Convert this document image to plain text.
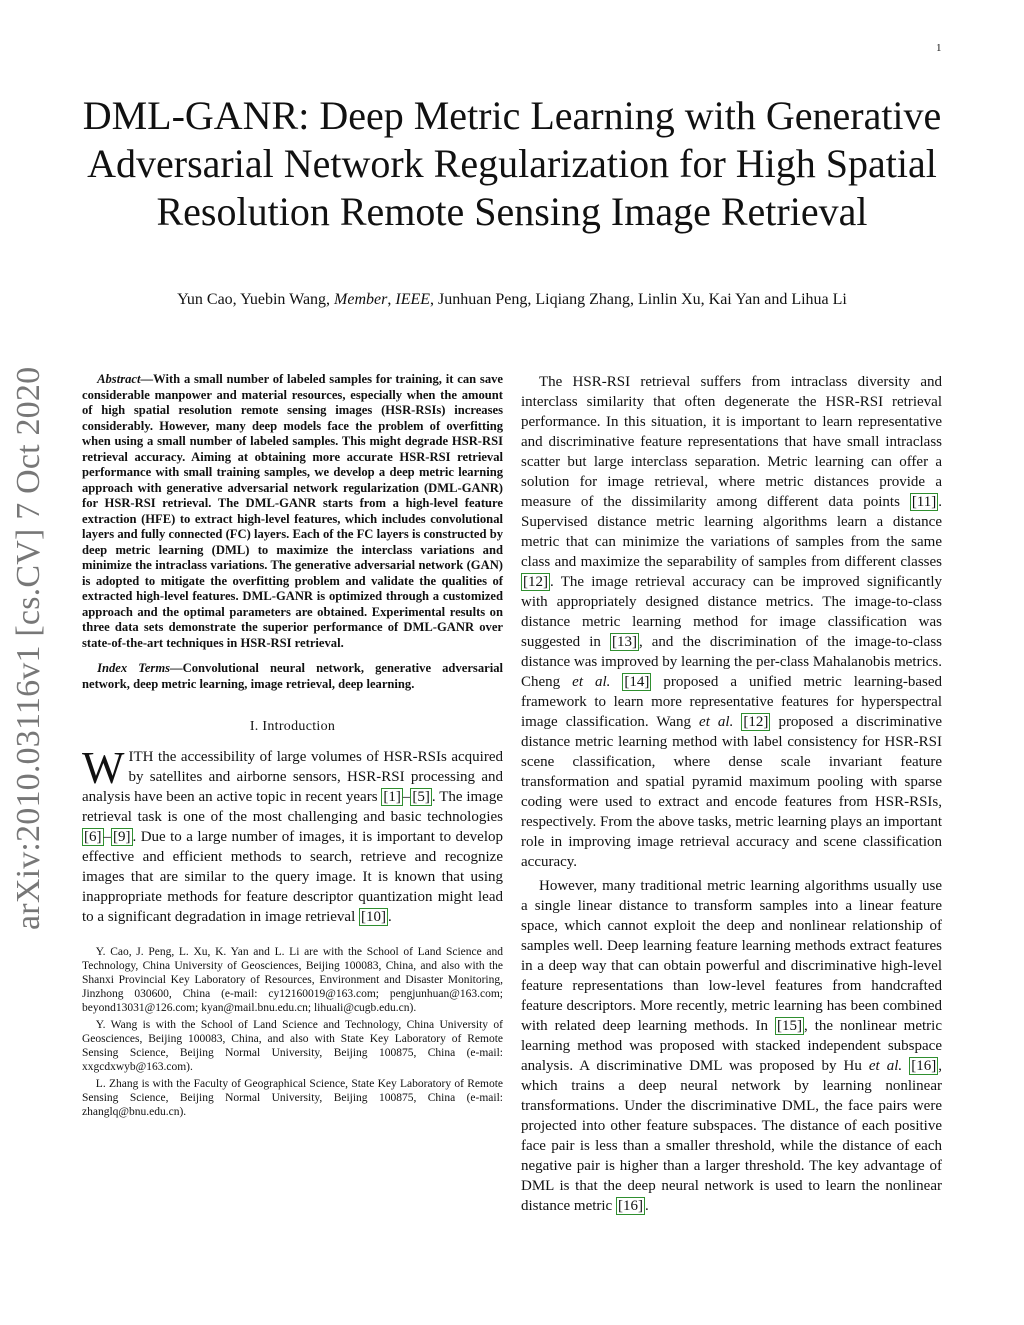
1
DML-GANR: Deep Metric Learning with Generative Adversarial Network Regularization for High Spatial Resolution Remote Sensing Image Retrieval
Yun Cao, Yuebin Wang, Member, IEEE, Junhuan Peng, Liqiang Zhang, Linlin Xu, Kai Yan and Lihua Li
arXiv:2010.03116v1 [cs.CV] 7 Oct 2020	Abstract—With a small number of labeled samples for training, it can save considerable manpower and material resources, especially when the amount of high spatial resolution remote sensing images (HSR-RSIs) increases considerably. However, many deep models face the problem of overfitting when using a small number of labeled samples. This might degrade HSR-RSI retrieval accuracy. Aiming at obtaining more accurate HSR-RSI retrieval performance with small training samples, we develop a deep metric learning approach with generative adversarial network regularization (DML-GANR) for HSR-RSI retrieval. The DML-GANR starts from a high-level feature extraction (HFE) to extract high-level features, which includes convolutional layers and fully connected (FC) layers. Each of the FC layers is constructed by deep metric learning (DML) to maximize the interclass variations and minimize the intraclass variations. The generative adversarial network (GAN) is adopted to mitigate the overfitting problem and validate the qualities of extracted high-level features. DML-GANR is optimized through a customized approach and the optimal parameters are obtained. Experimental results on three data sets demonstrate the superior performance of DML-GANR over state-of-the-art techniques in HSR-RSI retrieval.

Index Terms—Convolutional neural network, generative adversarial network, deep metric learning, image retrieval, deep learning.

I. Introduction

WITH the accessibility of large volumes of HSR-RSIs acquired by satellites and airborne sensors, HSR-RSI processing and analysis have been an active topic in recent years [1] – [5] . The image retrieval task is one of the most challenging and basic technologies [6] – [9] . Due to a large number of images, it is important to develop effective and efficient methods to search, retrieve and recognize images that are similar to the query image. It is known that using inappropriate methods for feature descriptor quantization might lead to a significant degradation in image retrieval [10] .

Y. Cao, J. Peng, L. Xu, K. Yan and L. Li are with the School of Land Science and Technology, China University of Geosciences, Beijing 100083, China, and also with the Shanxi Provincial Key Laboratory of Resources, Environment and Disaster Monitoring, Jinzhong 030600, China (e-mail: cy12160019@163.com; pengjunhuan@163.com; beyond13031@126.com; kyan@mail.bnu.edu.cn; lihuali@cugb.edu.cn).

Y. Wang is with the School of Land Science and Technology, China University of Geosciences, Beijing 100083, China, and also with State Key Laboratory of Remote Sensing Science, Beijing Normal University, Beijing 100875, China (e-mail: xxgcdxwyb@163.com).

L. Zhang is with the Faculty of Geographical Science, State Key Laboratory of Remote Sensing Science, Beijing Normal University, Beijing 100875, China (e-mail: zhanglq@bnu.edu.cn).

The HSR-RSI retrieval suffers from intraclass diversity and interclass similarity that often degenerate the HSR-RSI retrieval performance. In this situation, it is important to learn representative and discriminative feature representations that have small intraclass scatter but large interclass separation. Metric learning can offer a solution for image retrieval, where metric distances provide a measure of the dissimilarity among different data points [11] . Supervised distance metric learning algorithms learn a distance metric that can minimize the variations of samples from the same class and maximize the separability of samples from different classes [12] . The image retrieval accuracy can be improved significantly with appropriately designed distance metrics. The image-to-class distance metric learning method for image classification was suggested in [13] , and the discrimination of the image-to-class distance was improved by learning the per-class Mahalanobis metrics. Cheng et al. [14] proposed a unified metric learning-based framework to learn more representative features for hyperspectral image classification. Wang et al. [12] proposed a discriminative distance metric learning method with label consistency for HSR-RSI scene classification, where dense scale invariant feature transformation and spatial pyramid maximum pooling with sparse coding were used to extract and encode features from HSR-RSIs, respectively. From the above tasks, metric learning plays an important role in improving image retrieval accuracy and scene classification accuracy.

However, many traditional metric learning algorithms usually use a single linear distance to transform samples into a linear feature space, which cannot exploit the deep and nonlinear relationship of samples well. Deep learning feature learning methods extract features in a deep way that can obtain powerful and discriminative high-level feature representations than low-level features from handcrafted feature descriptors. More recently, metric learning has been combined with related deep learning methods. In [15] , the nonlinear metric learning method was proposed with stacked independent subspace analysis. A discriminative DML was proposed by Hu et al. [16] , which trains a deep neural network by learning nonlinear transformations. Under the discriminative DML, the face pairs were projected into other feature subspaces. The distance of each positive face pair is less than a smaller threshold, while the distance of each negative pair is higher than a larger threshold. The key advantage of DML is that the deep neural network is used to learn the nonlinear distance metric [16] .
